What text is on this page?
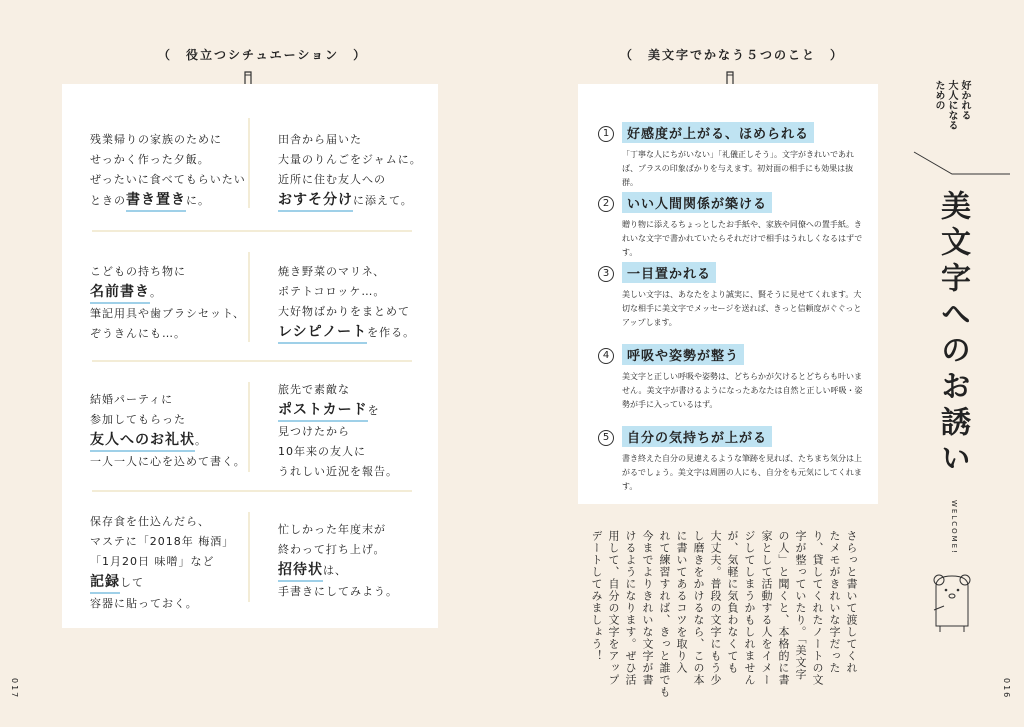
（　役立つシチュエーション　）
残業帰りの家族のために
せっかく作った夕飯。
ぜったいに食べてもらいたい
ときの書き置きに。
田舎から届いた
大量のりんごをジャムに。
近所に住む友人への
おすそ分けに添えて。
こどもの持ち物に
名前書き。
筆記用具や歯ブラシセット、
ぞうきんにも…。
焼き野菜のマリネ、
ポテトコロッケ…。
大好物ばかりをまとめて
レシピノートを作る。
結婚パーティに
参加してもらった
友人へのお礼状。
一人一人に心を込めて書く。
旅先で素敵な
ポストカードを
見つけたから
10年来の友人に
うれしい近況を報告。
保存食を仕込んだら、
マステに「2018年 梅酒」
「1月20日 味噌」など
記録して
容器に貼っておく。
忙しかった年度末が
終わって打ち上げ。
招待状は、
手書きにしてみよう。
017
（　美文字でかなう５つのこと　）
1	好感度が上がる、ほめられる
「丁寧な人にちがいない」「礼儀正しそう」。文字がきれいであれば、プラスの印象ばかりを与えます。初対面の相手にも効果は抜群。
2	いい人間関係が築ける
贈り物に添えるちょっとしたお手紙や、家族や同僚への置手紙。きれいな文字で書かれていたらそれだけで相手はうれしくなるはずです。
3	一目置かれる
美しい文字は、あなたをより誠実に、賢そうに見せてくれます。大切な相手に美文字でメッセージを送れば、きっと信頼度がぐぐっとアップします。
4	呼吸や姿勢が整う
美文字と正しい呼吸や姿勢は、どちらかが欠けるとどちらも叶いません。美文字が書けるようになったあなたは自然と正しい呼吸・姿勢が手に入っているはず。
5	自分の気持ちが上がる
書き終えた自分の見違えるような筆跡を見れば、たちまち気分は上がるでしょう。美文字は周囲の人にも、自分をも元気にしてくれます。
好かれる
大人になる
ための
美文字へのお誘い
WELCOME!
さらっと書いて渡してくれ
たメモがきれいな字だった
り、貸してくれたノートの文
字が整っていたり。「美文字
の人」と聞くと、本格的に書
家として活動する人をイメー
ジしてしまうかもしれません
が、気軽に気負わなくても
大丈夫。普段の文字にもう少
し磨きをかけるなら、この本
に書いてあるコツを取り入
れて練習すれば、きっと誰でも
今までよりきれいな文字が書
けるようになります。ぜひ活
用して、自分の文字をアップ
デートしてみましょう！
016
